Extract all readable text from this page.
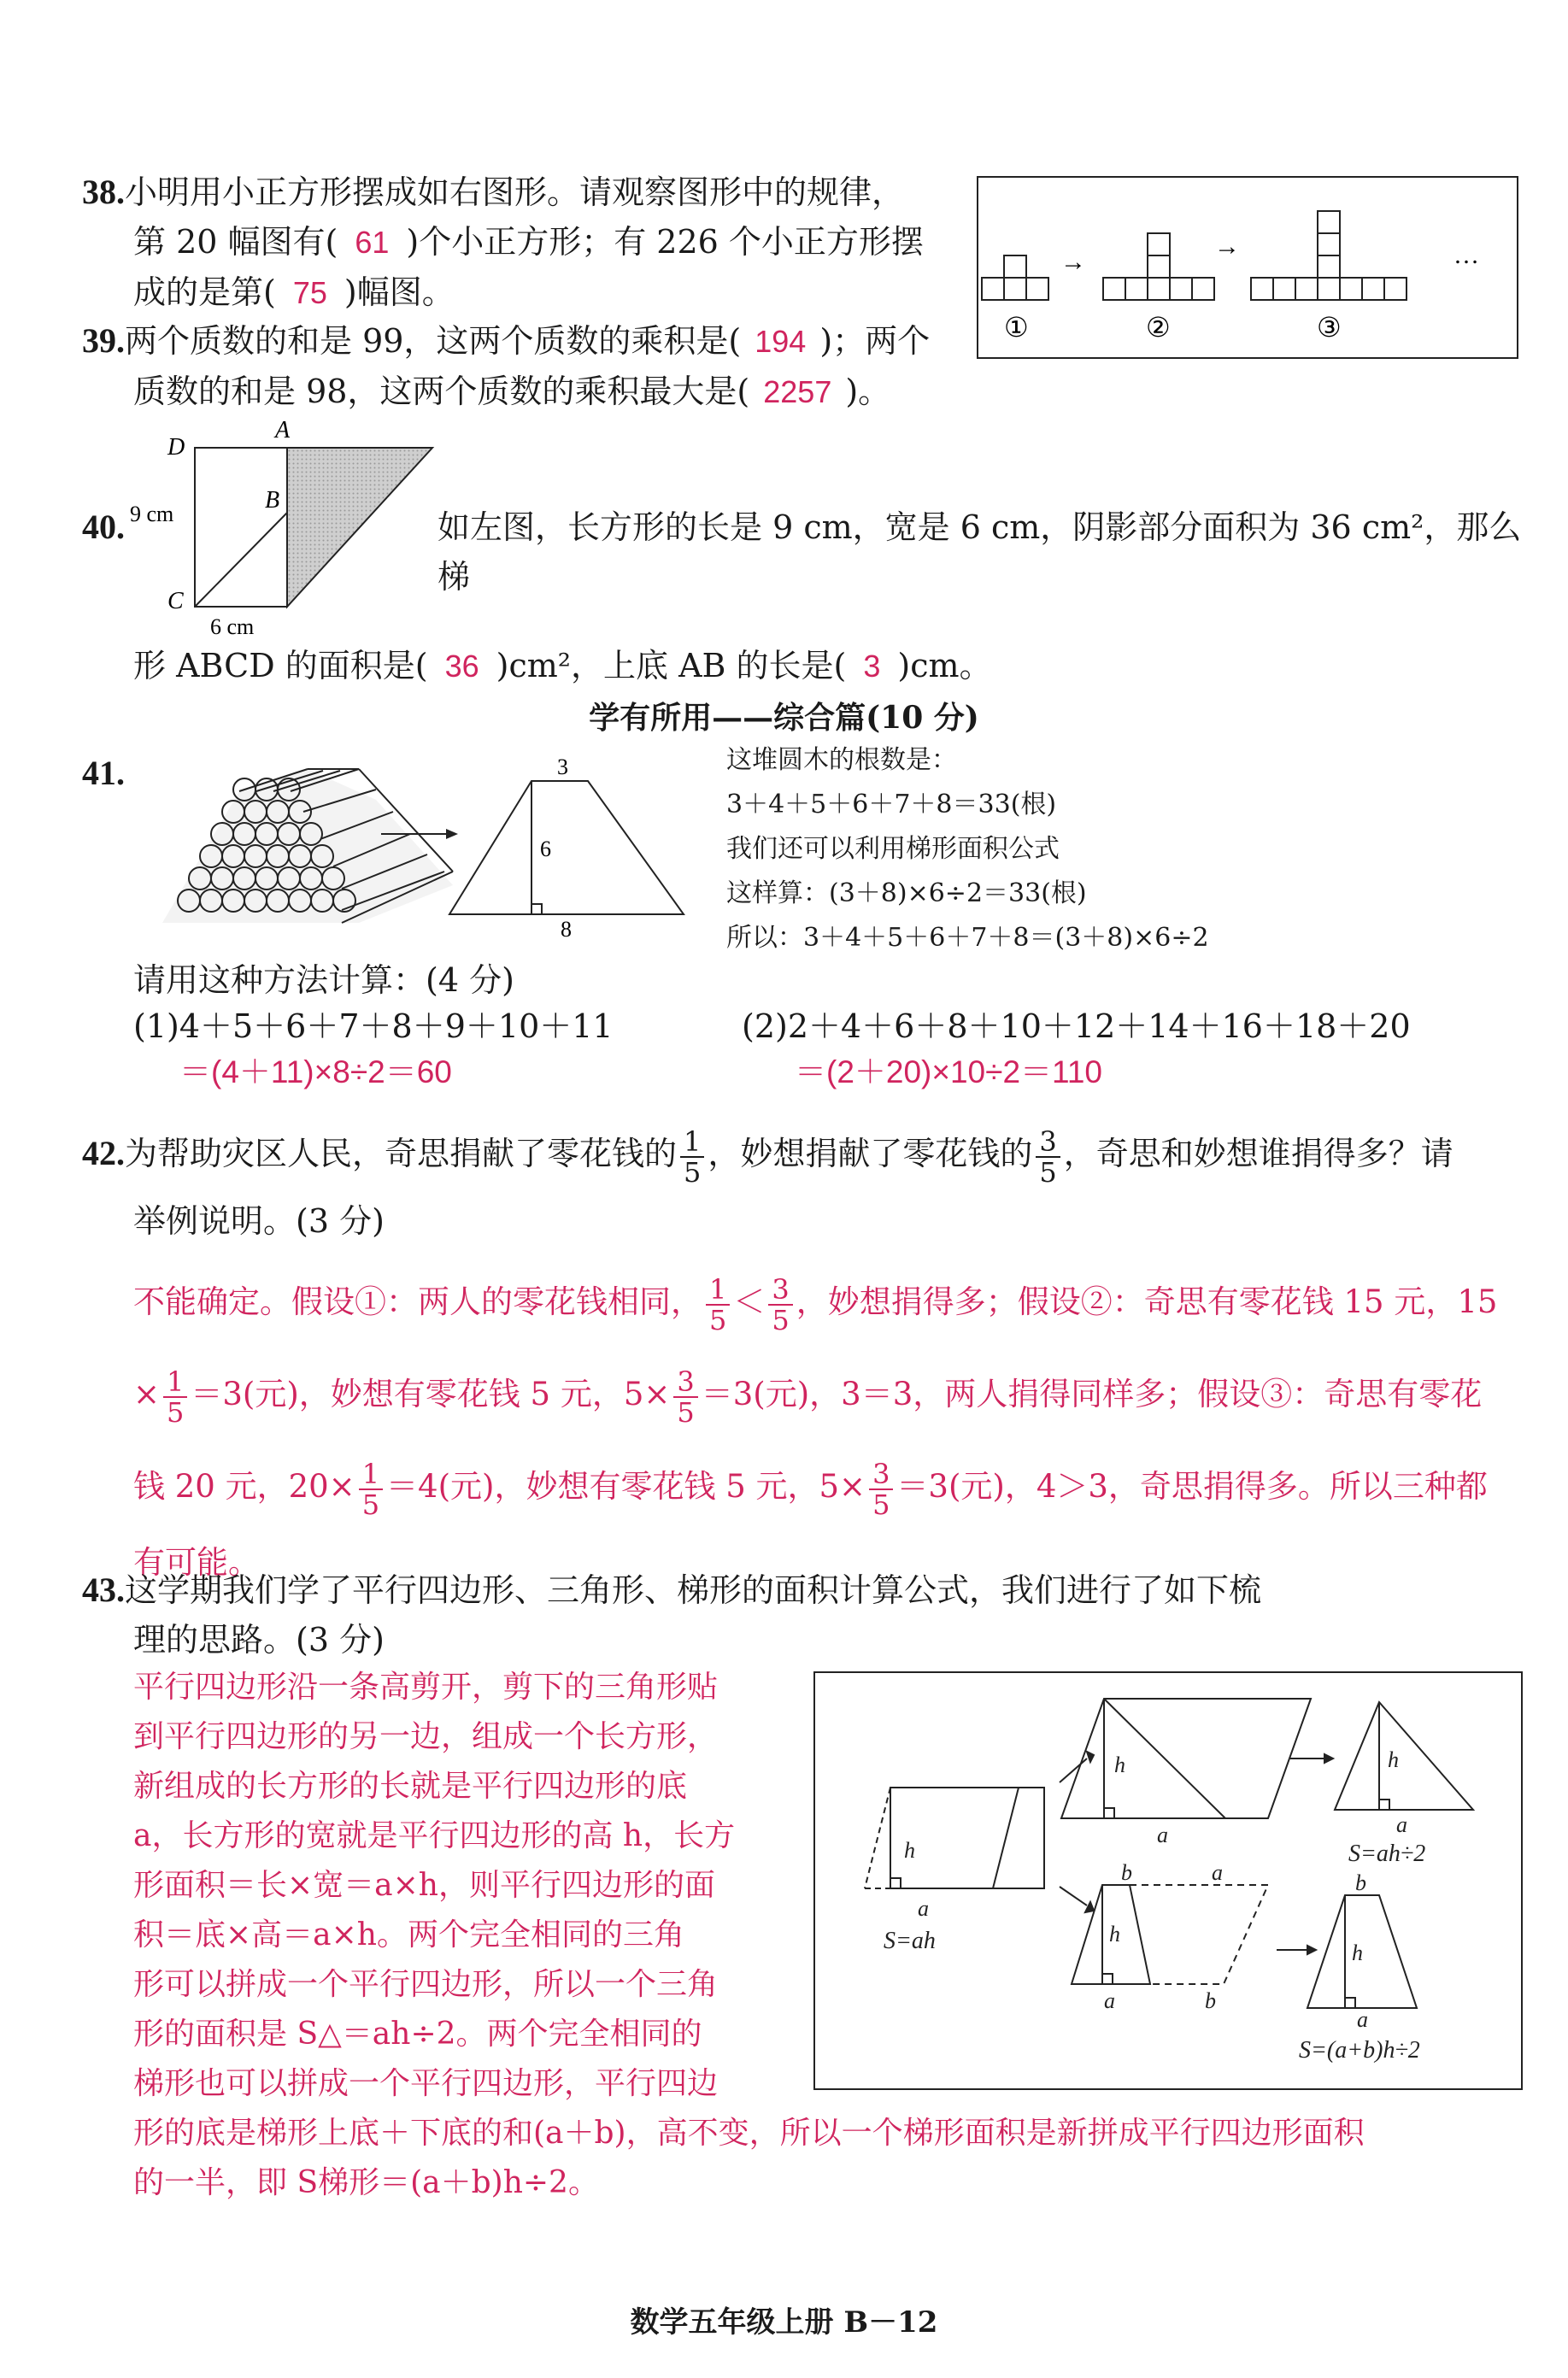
38.小明用小正方形摆成如右图形。请观察图形中的规律，
第 20 幅图有( 61 )个小正方形；有 226 个小正方形摆
成的是第( 75 )幅图。
→
→	…
①	②	③
39.两个质数的和是 99，这两个质数的乘积是( 194 )；两个
质数的和是 98，这两个质数的乘积最大是( 2257 )。
D
A
B
C
9 cm
6 cm
40.	如左图，长方形的长是 9 cm，宽是 6 cm，阴影部分面积为 36 cm²，那么梯
形 ABCD 的面积是( 36 )cm²，上底 AB 的长是( 3 )cm。
学有所用——综合篇(10 分)
41.	3
6
8
这堆圆木的根数是：
3＋4＋5＋6＋7＋8＝33(根)
我们还可以利用梯形面积公式
这样算：(3＋8)×6÷2＝33(根)
所以：3＋4＋5＋6＋7＋8＝(3＋8)×6÷2
请用这种方法计算：(4 分)
(1)4＋5＋6＋7＋8＋9＋10＋11
＝(4＋11)×8÷2＝60
(2)2＋4＋6＋8＋10＋12＋14＋16＋18＋20
＝(2＋20)×10÷2＝110
42.为帮助灾区人民，奇思捐献了零花钱的 $\frac{1}{5}$ ，妙想捐献了零花钱的 $\frac{3}{5}$ ，奇思和妙想谁捐得多？请
举例说明。(3 分)
不能确定。假设①：两人的零花钱相同， $\frac{1}{5} < \frac{3}{5}$ ，妙想捐得多；假设②：奇思有零花钱 15 元，15
× $\frac{1}{5} =3$(元)，妙想有零花钱 5 元，$5\times \frac{3}{5} =3$(元)，3＝3，两人捐得同样多；假设③：奇思有零花
钱 20 元，$20\times \frac{1}{5} =4$(元)，妙想有零花钱 5 元，$5\times \frac{3}{5} =3$(元)，4＞3，奇思捐得多。所以三种都
有可能。
43.这学期我们学了平行四边形、三角形、梯形的面积计算公式，我们进行了如下梳
理的思路。(3 分)
平行四边形沿一条高剪开，剪下的三角形贴
到平行四边形的另一边，组成一个长方形，
新组成的长方形的长就是平行四边形的底
a，长方形的宽就是平行四边形的高 h，长方
形面积＝长×宽＝a×h，则平行四边形的面
积＝底×高＝a×h。两个完全相同的三角
形可以拼成一个平行四边形，所以一个三角
形的面积是 S△＝ah÷2。两个完全相同的
梯形也可以拼成一个平行四边形，平行四边
形的底是梯形上底＋下底的和(a＋b)，高不变，所以一个梯形面积是新拼成平行四边形面积
的一半，即 S梯形＝(a＋b)h÷2。
h
a
h
a
h
a
b	a
h
a	b
b
h
a
S=ah
S=ah÷2
S=(a+b)h÷2
数学五年级上册 B－12
